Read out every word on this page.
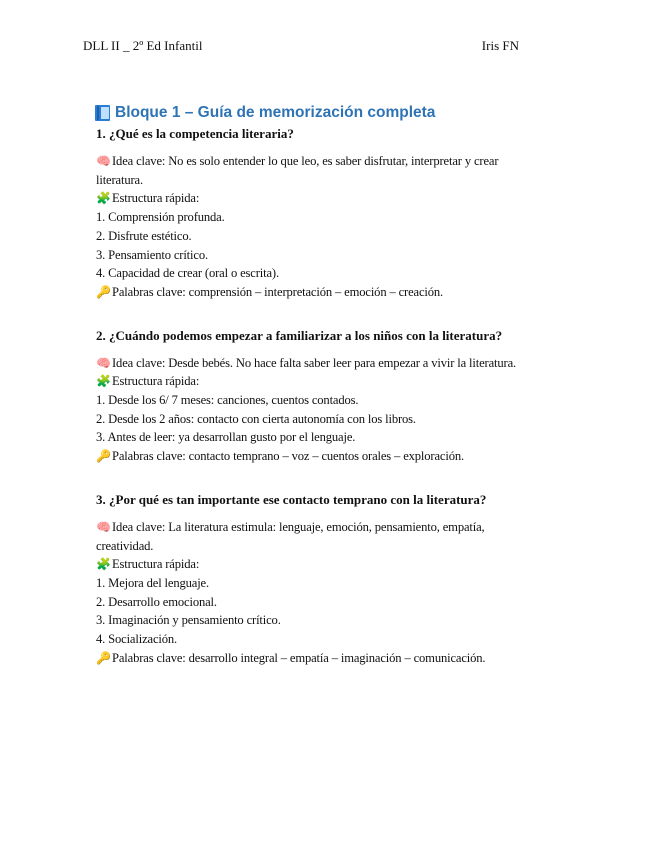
DLL II _ 2º Ed Infantil	Iris FN
Bloque 1 – Guía de memorización completa
1. ¿Qué es la competencia literaria?
🧠Idea clave: No es solo entender lo que leo, es saber disfrutar, interpretar y crear
literatura.
🧩Estructura rápida:
1. Comprensión profunda.
2. Disfrute estético.
3. Pensamiento crítico.
4. Capacidad de crear (oral o escrita).
🔑Palabras clave: comprensión – interpretación – emoción – creación.
2. ¿Cuándo podemos empezar a familiarizar a los niños con la literatura?
🧠Idea clave: Desde bebés. No hace falta saber leer para empezar a vivir la literatura.
🧩Estructura rápida:
1. Desde los 6/ 7 meses: canciones, cuentos contados.
2. Desde los 2 años: contacto con cierta autonomía con los libros.
3. Antes de leer: ya desarrollan gusto por el lenguaje.
🔑Palabras clave: contacto temprano – voz – cuentos orales – exploración.
3. ¿Por qué es tan importante ese contacto temprano con la literatura?
🧠Idea clave: La literatura estimula: lenguaje, emoción, pensamiento, empatía,
creatividad.
🧩Estructura rápida:
1. Mejora del lenguaje.
2. Desarrollo emocional.
3. Imaginación y pensamiento crítico.
4. Socialización.
🔑Palabras clave: desarrollo integral – empatía – imaginación – comunicación.
